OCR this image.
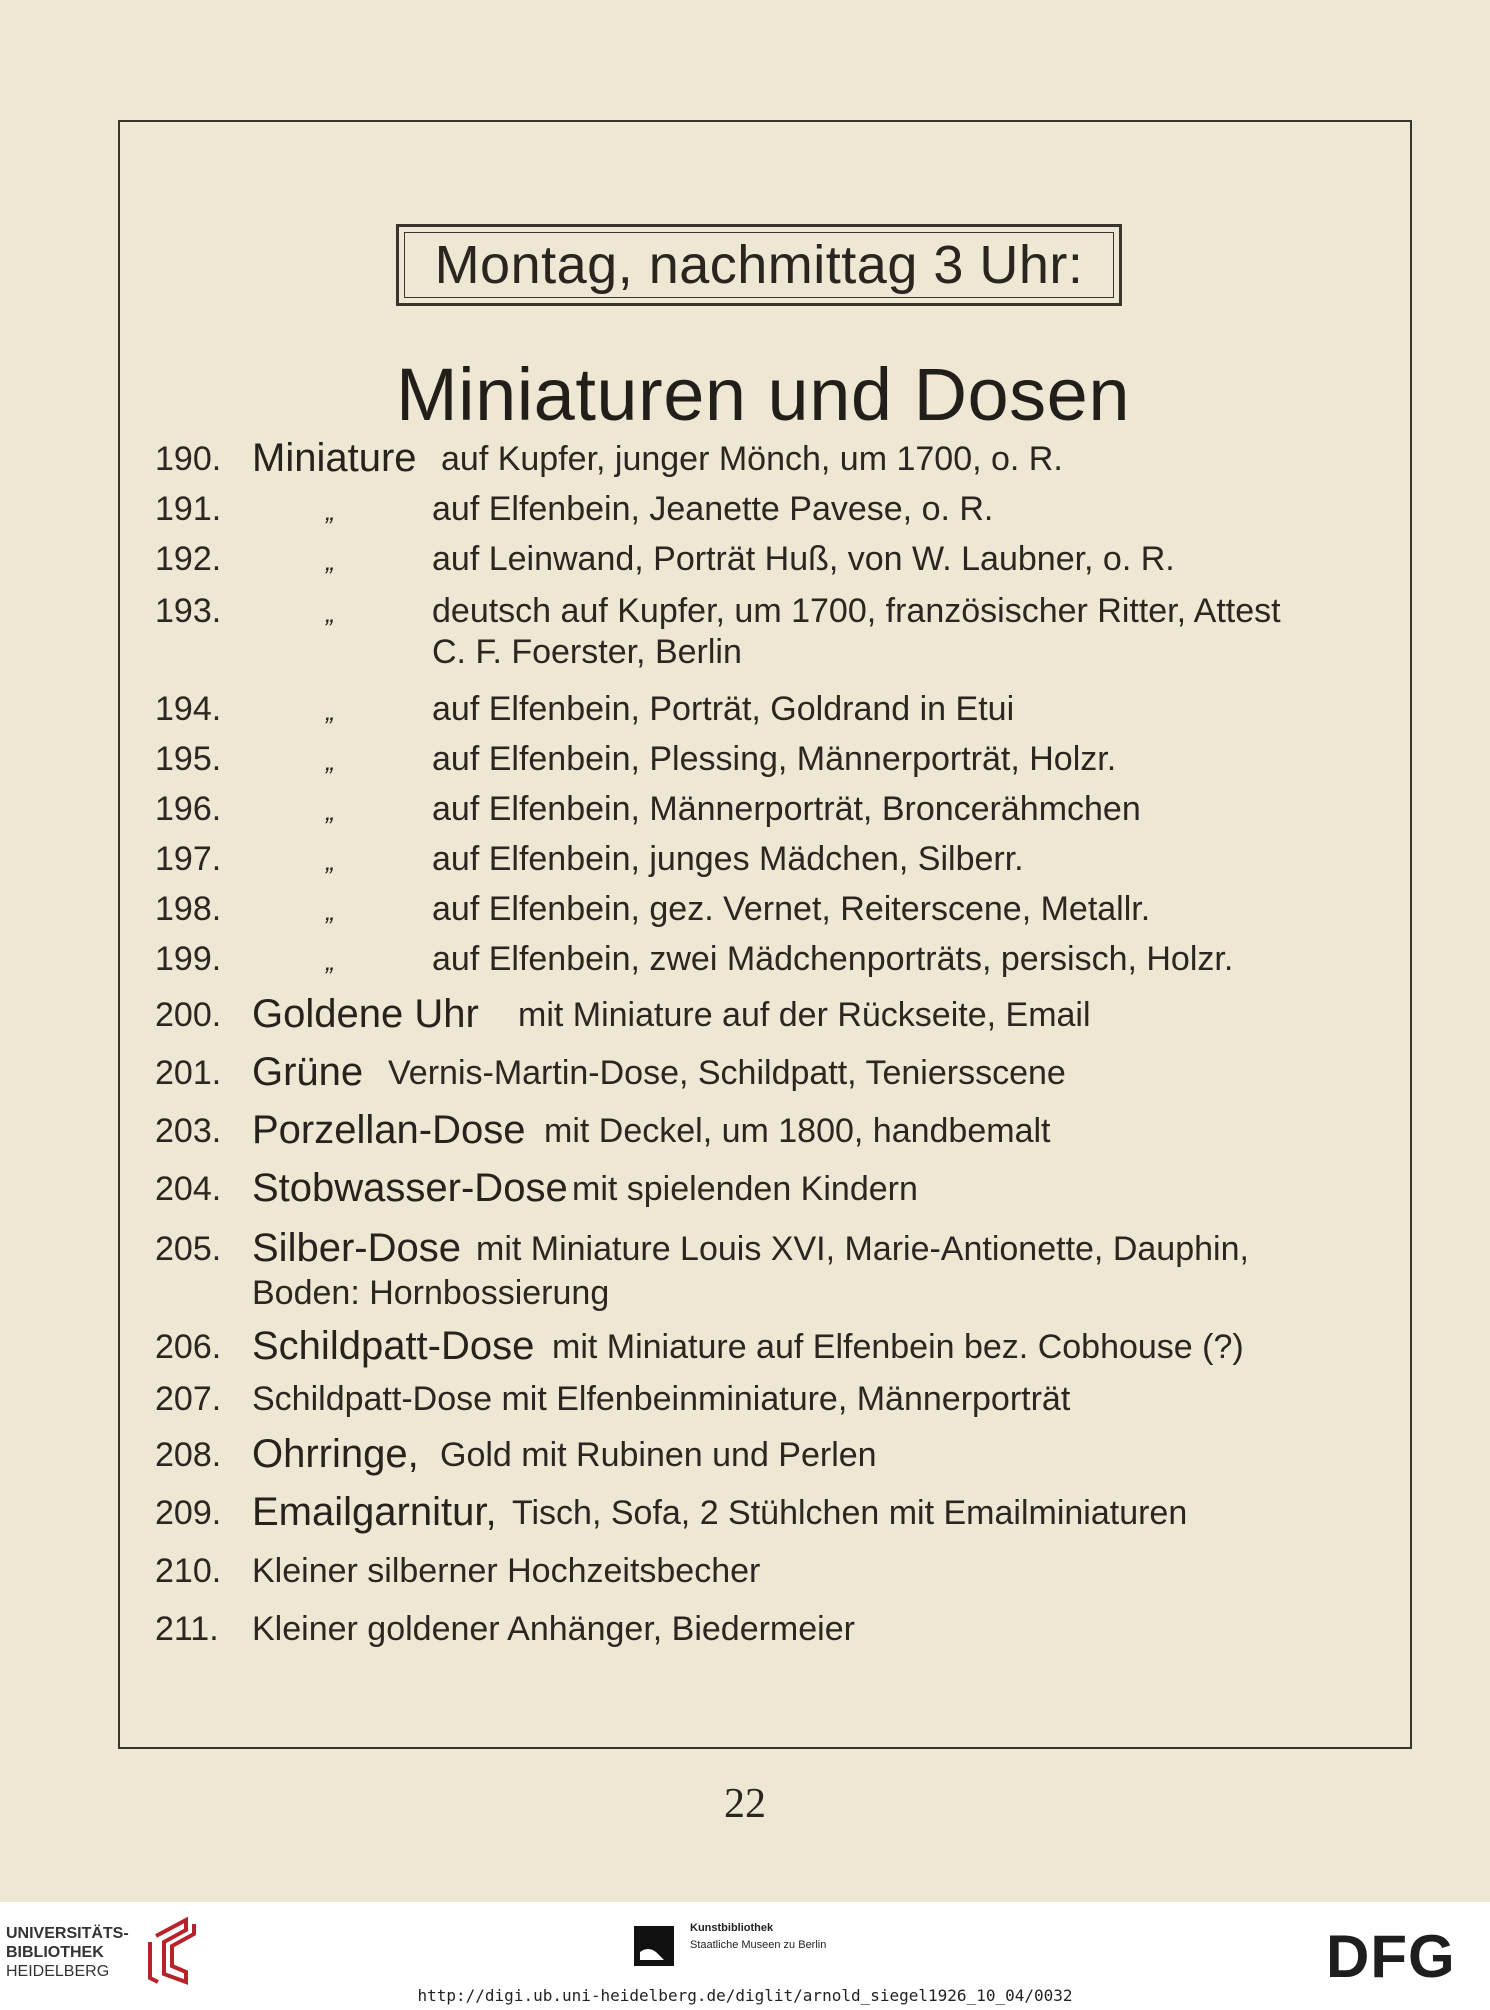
Montag, nachmittag 3 Uhr:
Miniaturen und Dosen
190. Miniature auf Kupfer, junger Mönch, um 1700, o. R.
191.	„	auf Elfenbein, Jeanette Pavese, o. R.
192.	„	auf Leinwand, Porträt Huß, von W. Laubner, o. R.
193.	„	deutsch auf Kupfer, um 1700, französischer Ritter, Attest
C. F. Foerster, Berlin
194.	„	auf Elfenbein, Porträt, Goldrand in Etui
195.	„	auf Elfenbein, Plessing, Männerporträt, Holzr.
196.	„	auf Elfenbein, Männerporträt, Broncerähmchen
197.	„	auf Elfenbein, junges Mädchen, Silberr.
198.	„	auf Elfenbein, gez. Vernet, Reiterscene, Metallr.
199.	„	auf Elfenbein, zwei Mädchenporträts, persisch, Holzr.
200. Goldene Uhr mit Miniature auf der Rückseite, Email
201. Grüne Vernis-Martin-Dose, Schildpatt, Teniersscene
203. Porzellan-Dose mit Deckel, um 1800, handbemalt
204. Stobwasser-Dose mit spielenden Kindern
205. Silber-Dose mit Miniature Louis XVI, Marie-Antionette, Dauphin,
Boden: Hornbossierung
206. Schildpatt-Dose mit Miniature auf Elfenbein bez. Cobhouse (?)
207. Schildpatt-Dose mit Elfenbeinminiature, Männerporträt
208. Ohrringe, Gold mit Rubinen und Perlen
209. Emailgarnitur, Tisch, Sofa, 2 Stühlchen mit Emailminiaturen
210. Kleiner silberner Hochzeitsbecher
211. Kleiner goldener Anhänger, Biedermeier
22
UNIVERSITÄTS-
BIBLIOTHEK
HEIDELBERG
Kunstbibliothek
Staatliche Museen zu Berlin	DFG
http://digi.ub.uni-heidelberg.de/diglit/arnold_siegel1926_10_04/0032
